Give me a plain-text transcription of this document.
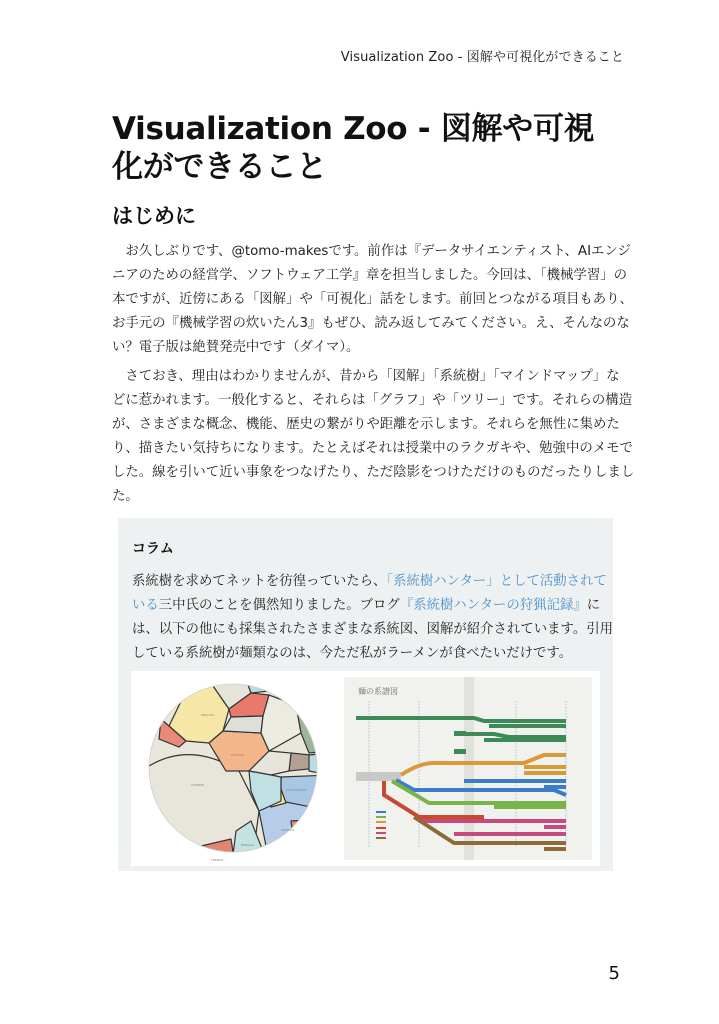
Visualization Zoo - 図解や可視化ができること
Visualization Zoo - 図解や可視
化ができること
はじめに

お久しぶりです、@tomo-makesです。前作は『データサイエンティスト、AIエンジ
ニアのための経営学、ソフトウェア工学』章を担当しました。今回は、「機械学習」の
本ですが、近傍にある「図解」や「可視化」話をします。前回とつながる項目もあり、
お手元の『機械学習の炊いたん3』もぜひ、読み返してみてください。え、そんなのな
い？電子版は絶賛発売中です（ダイマ）。

さておき、理由はわかりませんが、昔から「図解」「系統樹」「マインドマップ」な
どに惹かれます。一般化すると、それらは「グラフ」や「ツリー」です。それらの構造
が、さまざまな概念、機能、歴史の繋がりや距離を示します。それらを無性に集めた
り、描きたい気持ちになります。たとえばそれは授業中のラクガキや、勉強中のメモで
した。線を引いて近い事象をつなげたり、ただ陰影をつけただけのものだったりしまし
た。

コラム

系統樹を求めてネットを彷徨っていたら、「系統樹ハンター」として活動されて
いる三中氏のことを偶然知りました。ブログ『系統樹ハンターの狩猟記録』に
は、以下の他にも採集されたさまざまな系統図、図解が紹介されています。引用
している系統樹が麺類なのは、今ただ私がラーメンが食べたいだけです。

ENGLISH
RUSSIAN
CHINESE
PORTUGUESE
SPANISH
BENGALI
FRENCH
麺の系譜図
5
